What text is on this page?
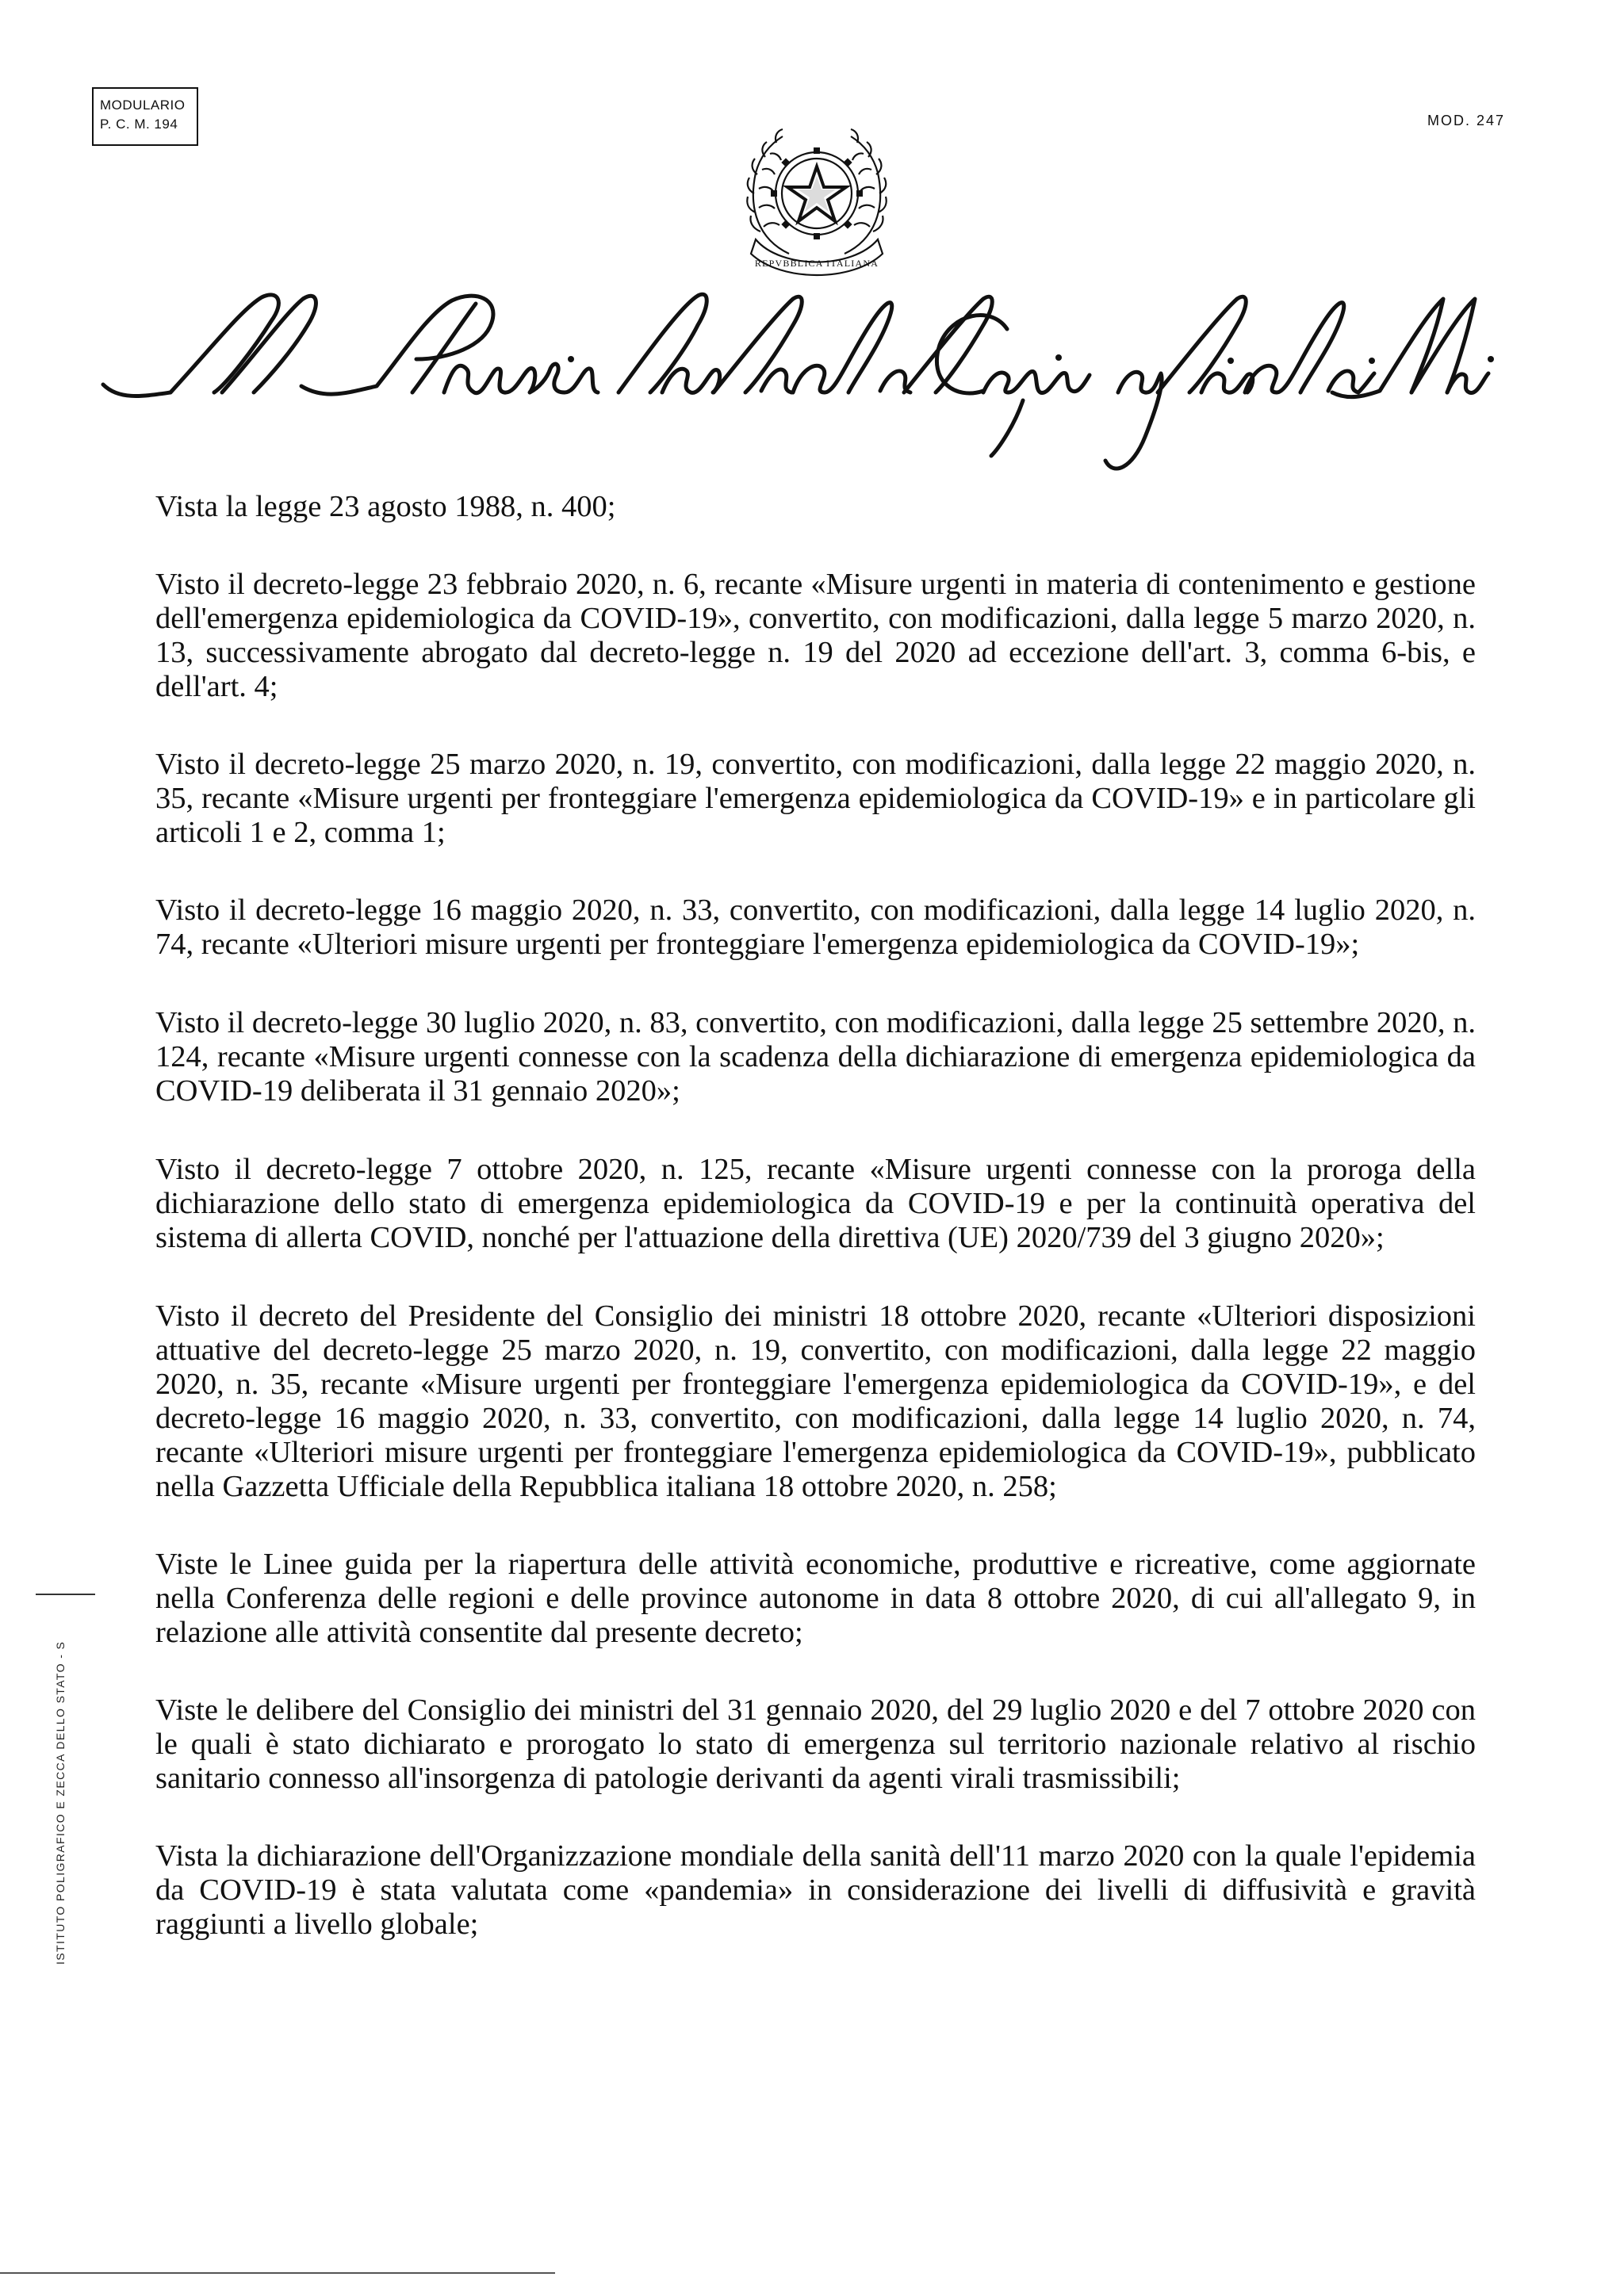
MODULARIO
P. C. M. 194	MOD. 247
REPVBBLICA ITALIANA

Vista la legge 23 agosto 1988, n. 400;

Visto il decreto-legge 23 febbraio 2020, n. 6, recante «Misure urgenti in materia di contenimento e gestione dell'emergenza epidemiologica da COVID-19», convertito, con modificazioni, dalla legge 5 marzo 2020, n. 13, successivamente abrogato dal decreto-legge n. 19 del 2020 ad eccezione dell'art. 3, comma 6-bis, e dell'art. 4;

Visto il decreto-legge 25 marzo 2020, n. 19, convertito, con modificazioni, dalla legge 22 maggio 2020, n. 35, recante «Misure urgenti per fronteggiare l'emergenza epidemiologica da COVID-19» e in particolare gli articoli 1 e 2, comma 1;

Visto il decreto-legge 16 maggio 2020, n. 33, convertito, con modificazioni, dalla legge 14 luglio 2020, n. 74, recante «Ulteriori misure urgenti per fronteggiare l'emergenza epidemiologica da COVID-19»;

Visto il decreto-legge 30 luglio 2020, n. 83, convertito, con modificazioni, dalla legge 25 settembre 2020, n. 124, recante «Misure urgenti connesse con la scadenza della dichiarazione di emergenza epidemiologica da COVID-19 deliberata il 31 gennaio 2020»;

Visto il decreto-legge 7 ottobre 2020, n. 125, recante «Misure urgenti connesse con la proroga della dichiarazione dello stato di emergenza epidemiologica da COVID-19 e per la continuità operativa del sistema di allerta COVID, nonché per l'attuazione della direttiva (UE) 2020/739 del 3 giugno 2020»;

Visto il decreto del Presidente del Consiglio dei ministri 18 ottobre 2020, recante «Ulteriori disposizioni attuative del decreto-legge 25 marzo 2020, n. 19, convertito, con modificazioni, dalla legge 22 maggio 2020, n. 35, recante «Misure urgenti per fronteggiare l'emergenza epidemiologica da COVID-19», e del decreto-legge 16 maggio 2020, n. 33, convertito, con modificazioni, dalla legge 14 luglio 2020, n. 74, recante «Ulteriori misure urgenti per fronteggiare l'emergenza epidemiologica da COVID-19», pubblicato nella Gazzetta Ufficiale della Repubblica italiana 18 ottobre 2020, n. 258;

Viste le Linee guida per la riapertura delle attività economiche, produttive e ricreative, come aggiornate nella Conferenza delle regioni e delle province autonome in data 8 ottobre 2020, di cui all'allegato 9, in relazione alle attività consentite dal presente decreto;

Viste le delibere del Consiglio dei ministri del 31 gennaio 2020, del 29 luglio 2020 e del 7 ottobre 2020 con le quali è stato dichiarato e prorogato lo stato di emergenza sul territorio nazionale relativo al rischio sanitario connesso all'insorgenza di patologie derivanti da agenti virali trasmissibili;

Vista la dichiarazione dell'Organizzazione mondiale della sanità dell'11 marzo 2020 con la quale l'epidemia da COVID-19 è stata valutata come «pandemia» in considerazione dei livelli di diffusività e gravità raggiunti a livello globale;

ISTITUTO POLIGRAFICO E ZECCA DELLO STATO - S
